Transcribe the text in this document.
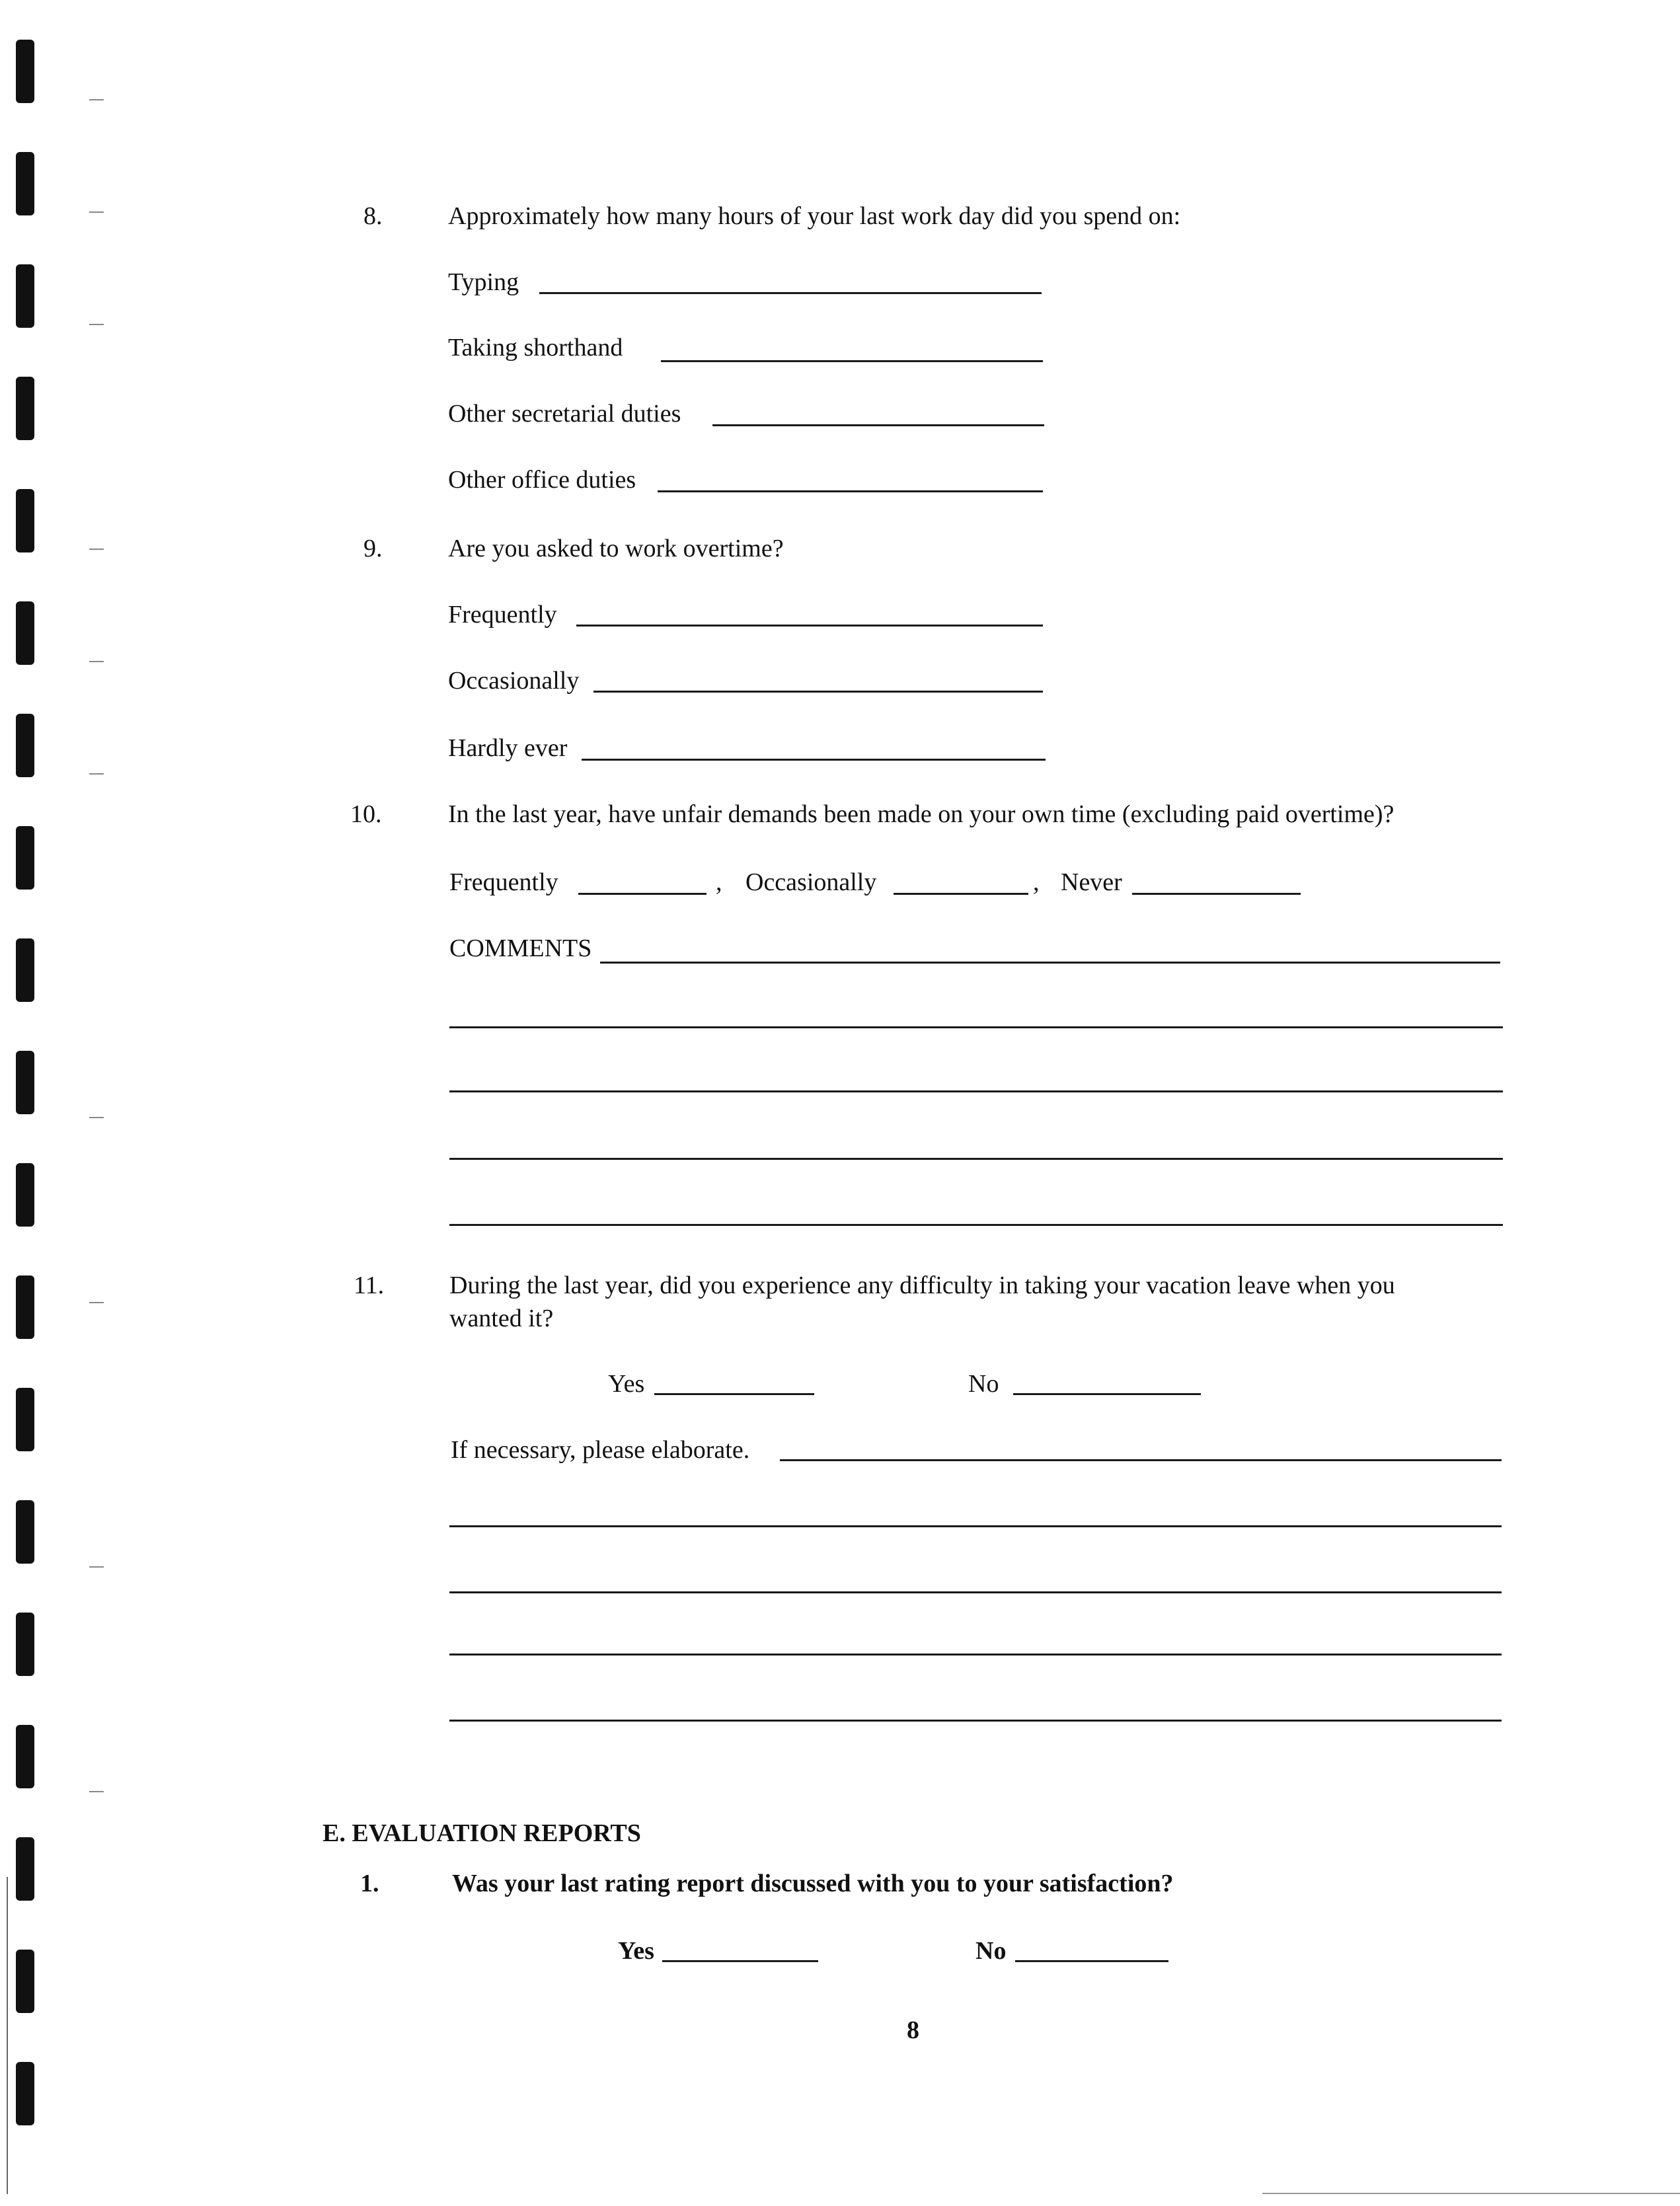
8.	Approximately how many hours of your last work day did you spend on:
Typing
Taking shorthand
Other secretarial duties
Other office duties
9.	Are you asked to work overtime?
Frequently
Occasionally
Hardly ever
10.	In the last year, have unfair demands been made on your own time (excluding paid overtime)?
Frequently	, Occasionally	, Never
COMMENTS
11.	During the last year, did you experience any difficulty in taking your vacation leave when you
wanted it?
Yes	No
If necessary, please elaborate.
E. EVALUATION REPORTS
1.	Was your last rating report discussed with you to your satisfaction?
Yes	No
8
